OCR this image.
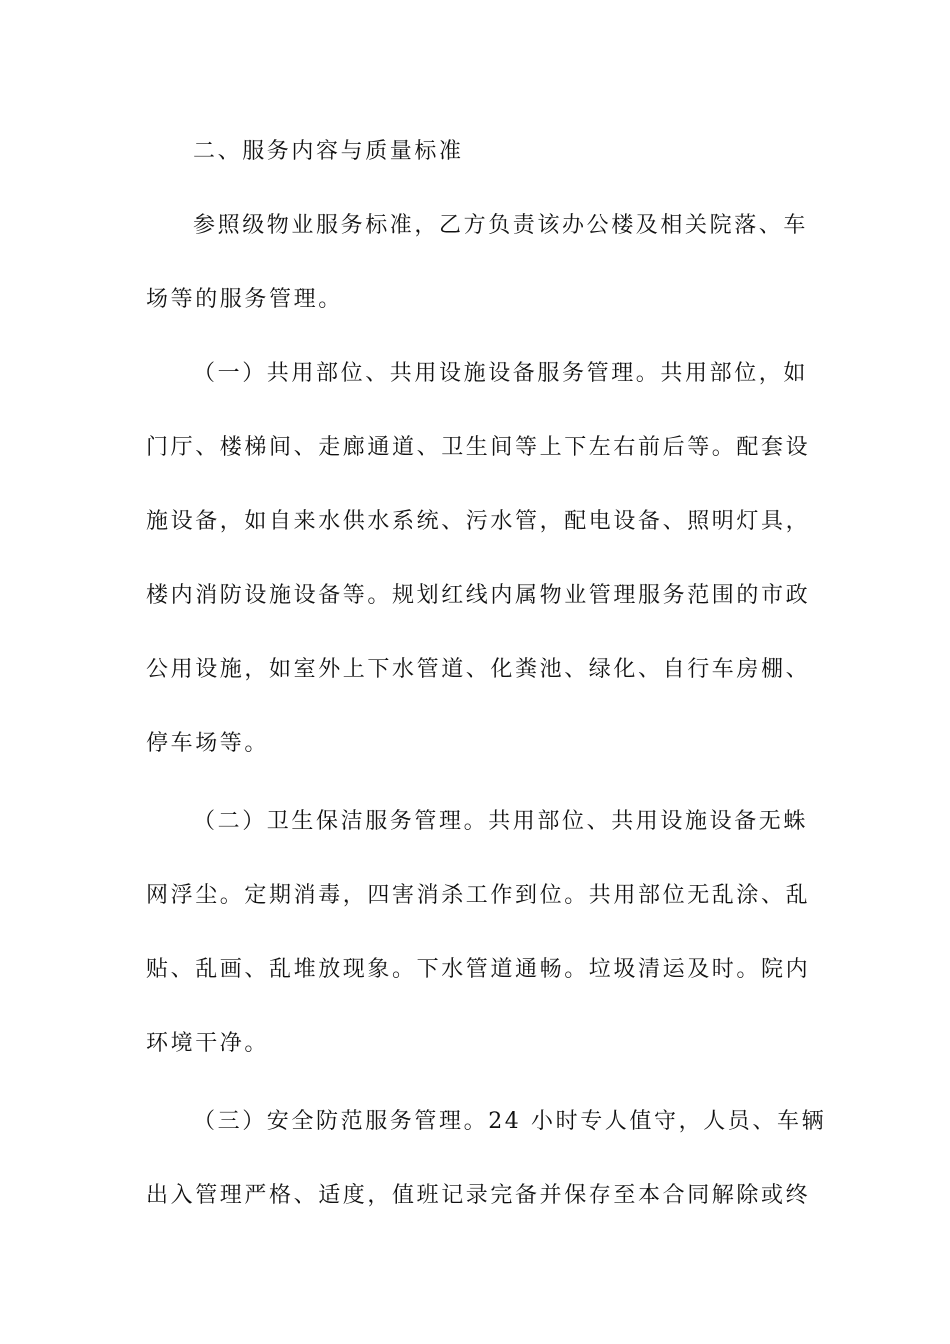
二、服务内容与质量标准
参照级物业服务标准，乙方负责该办公楼及相关院落、车
场等的服务管理。
（一）共用部位、共用设施设备服务管理。共用部位，如
门厅、楼梯间、走廊通道、卫生间等上下左右前后等。配套设
施设备，如自来水供水系统、污水管，配电设备、照明灯具，
楼内消防设施设备等。规划红线内属物业管理服务范围的市政
公用设施，如室外上下水管道、化粪池、绿化、自行车房棚、
停车场等。
（二）卫生保洁服务管理。共用部位、共用设施设备无蛛
网浮尘。定期消毒，四害消杀工作到位。共用部位无乱涂、乱
贴、乱画、乱堆放现象。下水管道通畅。垃圾清运及时。院内
环境干净。
（三）安全防范服务管理。24 小时专人值守，人员、车辆
出入管理严格、适度，值班记录完备并保存至本合同解除或终
